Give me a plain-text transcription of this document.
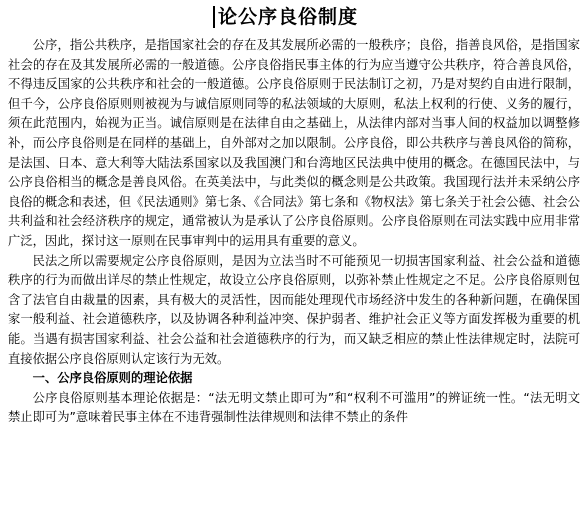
论公序良俗制度

公序，指公共秩序，是指国家社会的存在及其发展所必需的一般秩序；良俗，指善良风俗，是指国家社会的存在及其发展所必需的一般道德。公序良俗指民事主体的行为应当遵守公共秩序，符合善良风俗，不得违反国家的公共秩序和社会的一般道德。公序良俗原则于民法制订之初，乃是对契约自由进行限制，但千今，公序良俗原则则被视为与诚信原则同等的私法领域的大原则，私法上权利的行使、义务的履行，须在此范围内，始视为正当。诚信原则是在法律自由之基础上，从法律内部对当事人间的权益加以调整修补，而公序良俗则是在同样的基础上，自外部对之加以限制。公序良俗，即公共秩序与善良风俗的简称，是法国、日本、意大利等大陆法系国家以及我国澳门和台湾地区民法典中使用的概念。在德国民法中，与公序良俗相当的概念是善良风俗。在英美法中，与此类似的概念则是公共政策。我国现行法并未采纳公序良俗的概念和表述，但《民法通则》第七条、《合同法》第七条和《物权法》第七条关于社会公德、社会公共利益和社会经济秩序的规定，通常被认为是承认了公序良俗原则。公序良俗原则在司法实践中应用非常广泛，因此，探讨这一原则在民事审判中的运用具有重要的意义。

民法之所以需要规定公序良俗原则，是因为立法当时不可能预见一切损害国家利益、社会公益和道德秩序的行为而做出详尽的禁止性规定，故设立公序良俗原则，以弥补禁止性规定之不足。公序良俗原则包含了法官自由裁量的因素，具有极大的灵活性，因而能处理现代市场经济中发生的各种新问题，在确保国家一般利益、社会道德秩序，以及协调各种利益冲突、保护弱者、维护社会正义等方面发挥极为重要的机能。当遇有损害国家利益、社会公益和社会道德秩序的行为，而又缺乏相应的禁止性法律规定时，法院可直接依据公序良俗原则认定该行为无效。

一、公序良俗原则的理论依据

公序良俗原则基本理论依据是：“法无明文禁止即可为”和“权利不可滥用”的辨证统一性。“法无明文禁止即可为”意味着民事主体在不违背强制性法律规则和法律不禁止的条件
